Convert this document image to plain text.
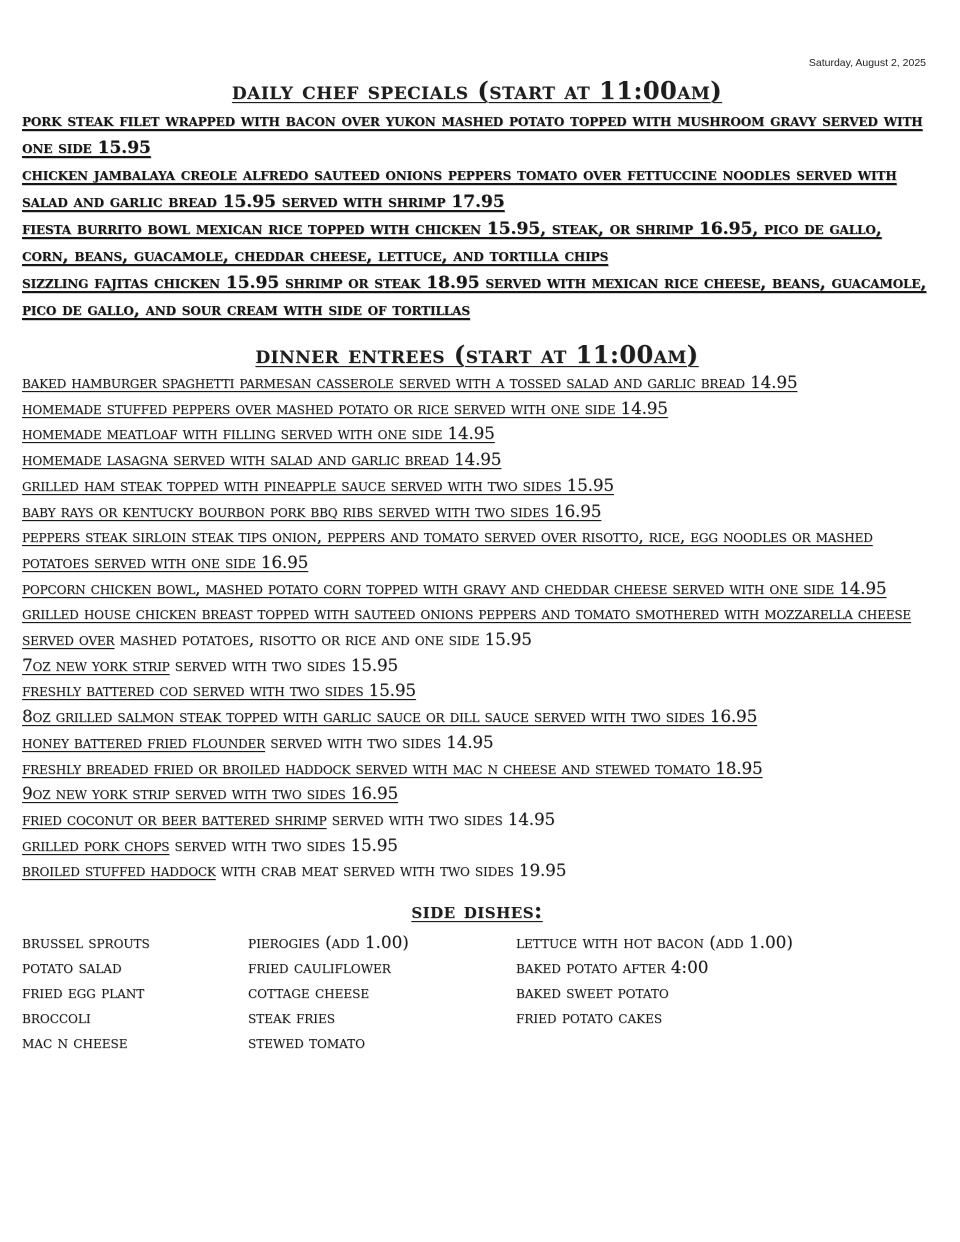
Saturday, August 2, 2025
daily chef specials (start at 11:00am)
pork steak filet wrapped with bacon over yukon mashed potato topped with mushroom gravy served with one side 15.95
chicken jambalaya creole alfredo sauteed onions peppers tomato over fettuccine noodles served with salad and garlic bread 15.95 served with shrimp 17.95
fiesta burrito bowl mexican rice topped with chicken 15.95, steak, or shrimp 16.95, pico de gallo, corn, beans, guacamole, cheddar cheese, lettuce, and tortilla chips
sizzling fajitas chicken 15.95 shrimp or steak 18.95 served with mexican rice cheese, beans, guacamole, pico de gallo, and sour cream with side of tortillas
dinner entrees (start at 11:00am)
baked hamburger spaghetti parmesan casserole served with a tossed salad and garlic bread 14.95
homemade stuffed peppers over mashed potato or rice served with one side 14.95
homemade meatloaf with filling served with one side 14.95
homemade lasagna served with salad and garlic bread 14.95
grilled ham steak topped with pineapple sauce served with two sides 15.95
baby rays or kentucky bourbon pork bbq ribs served with two sides 16.95
peppers steak sirloin steak tips onion, peppers and tomato served over risotto, rice, egg noodles or mashed potatoes served with one side 16.95
popcorn chicken bowl, mashed potato corn topped with gravy and cheddar cheese served with one side 14.95
grilled house chicken breast topped with sauteed onions peppers and tomato smothered with mozzarella cheese served over mashed potatoes, risotto or rice and one side 15.95
7oz new york strip served with two sides 15.95
freshly battered cod served with two sides 15.95
8oz grilled salmon steak topped with garlic sauce or dill sauce served with two sides 16.95
honey battered fried flounder served with two sides 14.95
freshly breaded fried or broiled haddock served with mac n cheese and stewed tomato 18.95
9oz new york strip served with two sides 16.95
fried coconut or beer battered shrimp served with two sides 14.95
grilled pork chops served with two sides 15.95
broiled stuffed haddock with crab meat served with two sides 19.95
side dishes:
brussel sprouts	pierogies (add 1.00)	lettuce with hot bacon (add 1.00)
potato salad	fried cauliflower	baked potato after 4:00
fried egg plant	cottage cheese	baked sweet potato
broccoli	steak fries	fried potato cakes
mac n cheese	stewed tomato
